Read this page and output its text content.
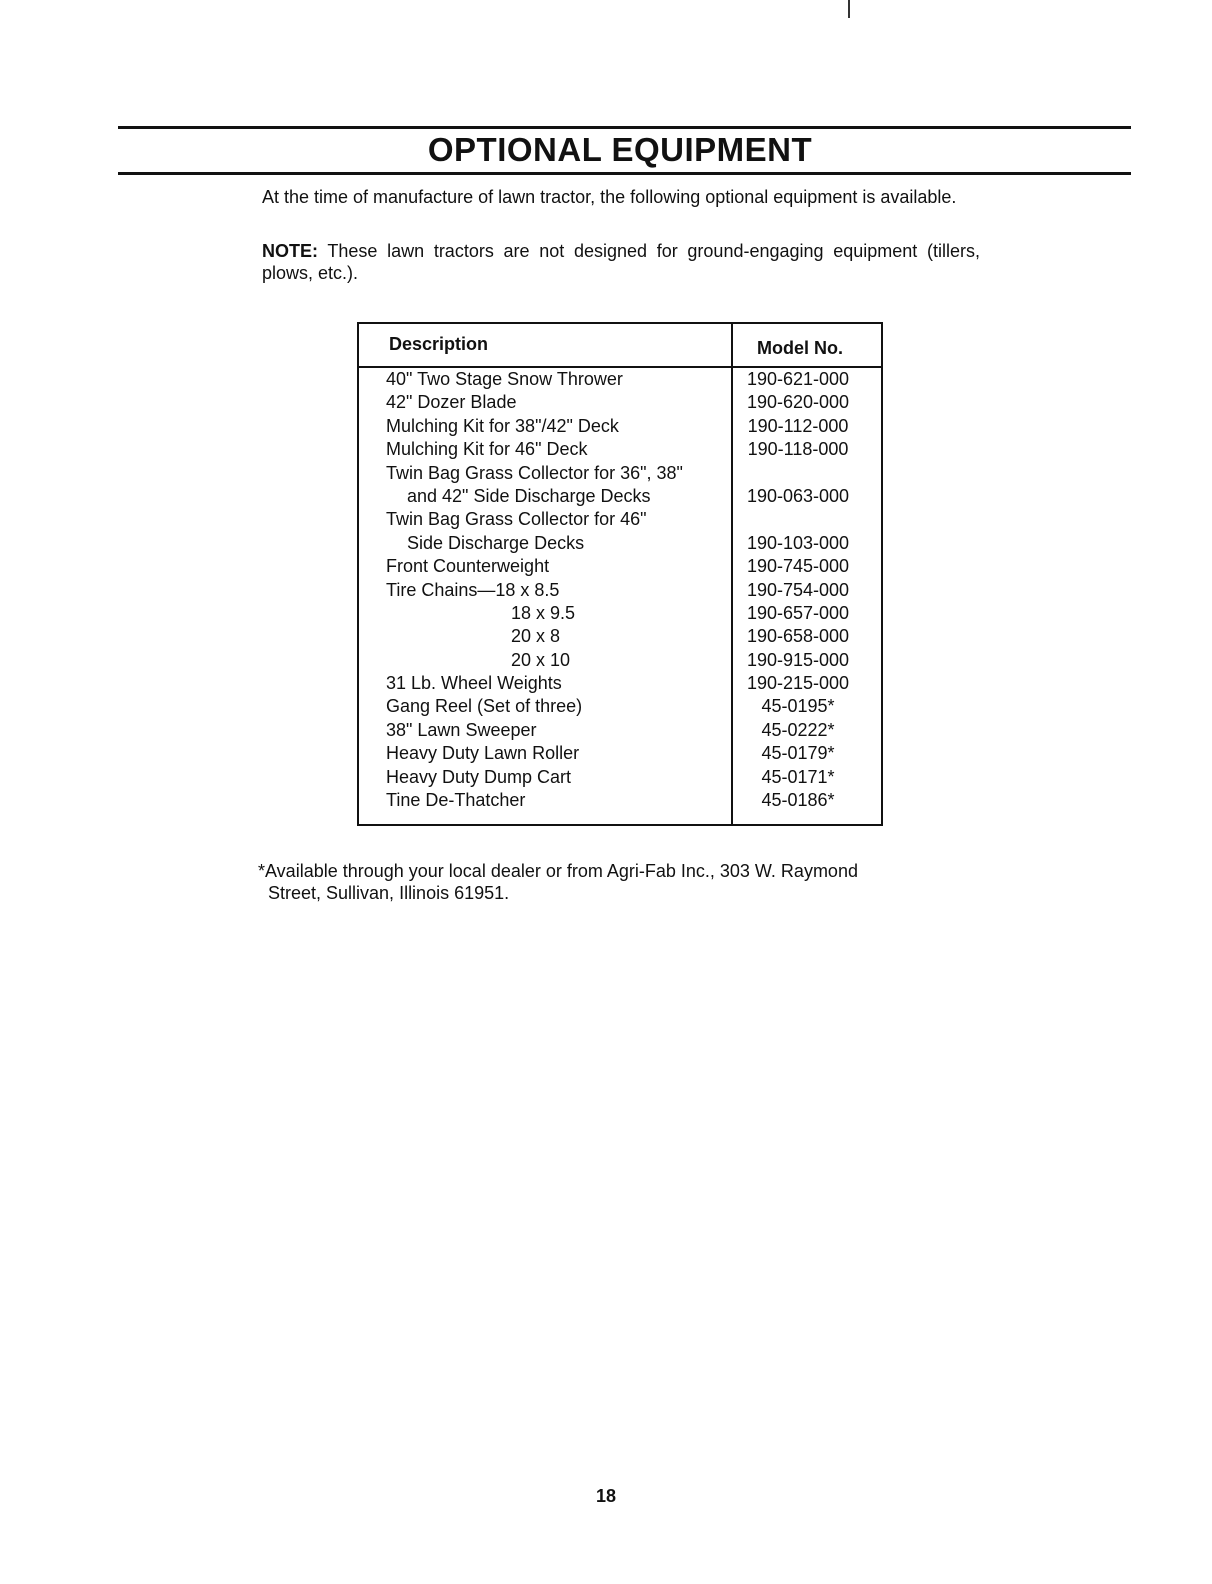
OPTIONAL EQUIPMENT

At the time of manufacture of lawn tractor, the following optional equipment is available.

NOTE: These lawn tractors are not designed for ground-engaging equipment (tillers, plows, etc.).

Description	Model No.
40" Two Stage Snow Thrower	190-621-000
42" Dozer Blade	190-620-000
Mulching Kit for 38"/42" Deck	190-112-000
Mulching Kit for 46" Deck	190-118-000
Twin Bag Grass Collector for 36", 38"
and 42" Side Discharge Decks	190-063-000
Twin Bag Grass Collector for 46"
Side Discharge Decks	190-103-000
Front Counterweight	190-745-000
Tire Chains—18 x 8.5	190-754-000
18 x 9.5	190-657-000
20 x 8	190-658-000
20 x 10	190-915-000
31 Lb. Wheel Weights	190-215-000
Gang Reel (Set of three)	45-0195*
38" Lawn Sweeper	45-0222*
Heavy Duty Lawn Roller	45-0179*
Heavy Duty Dump Cart	45-0171*
Tine De-Thatcher	45-0186*

*Available through your local dealer or from Agri-Fab Inc., 303 W. Raymond
Street, Sullivan, Illinois 61951.

18
